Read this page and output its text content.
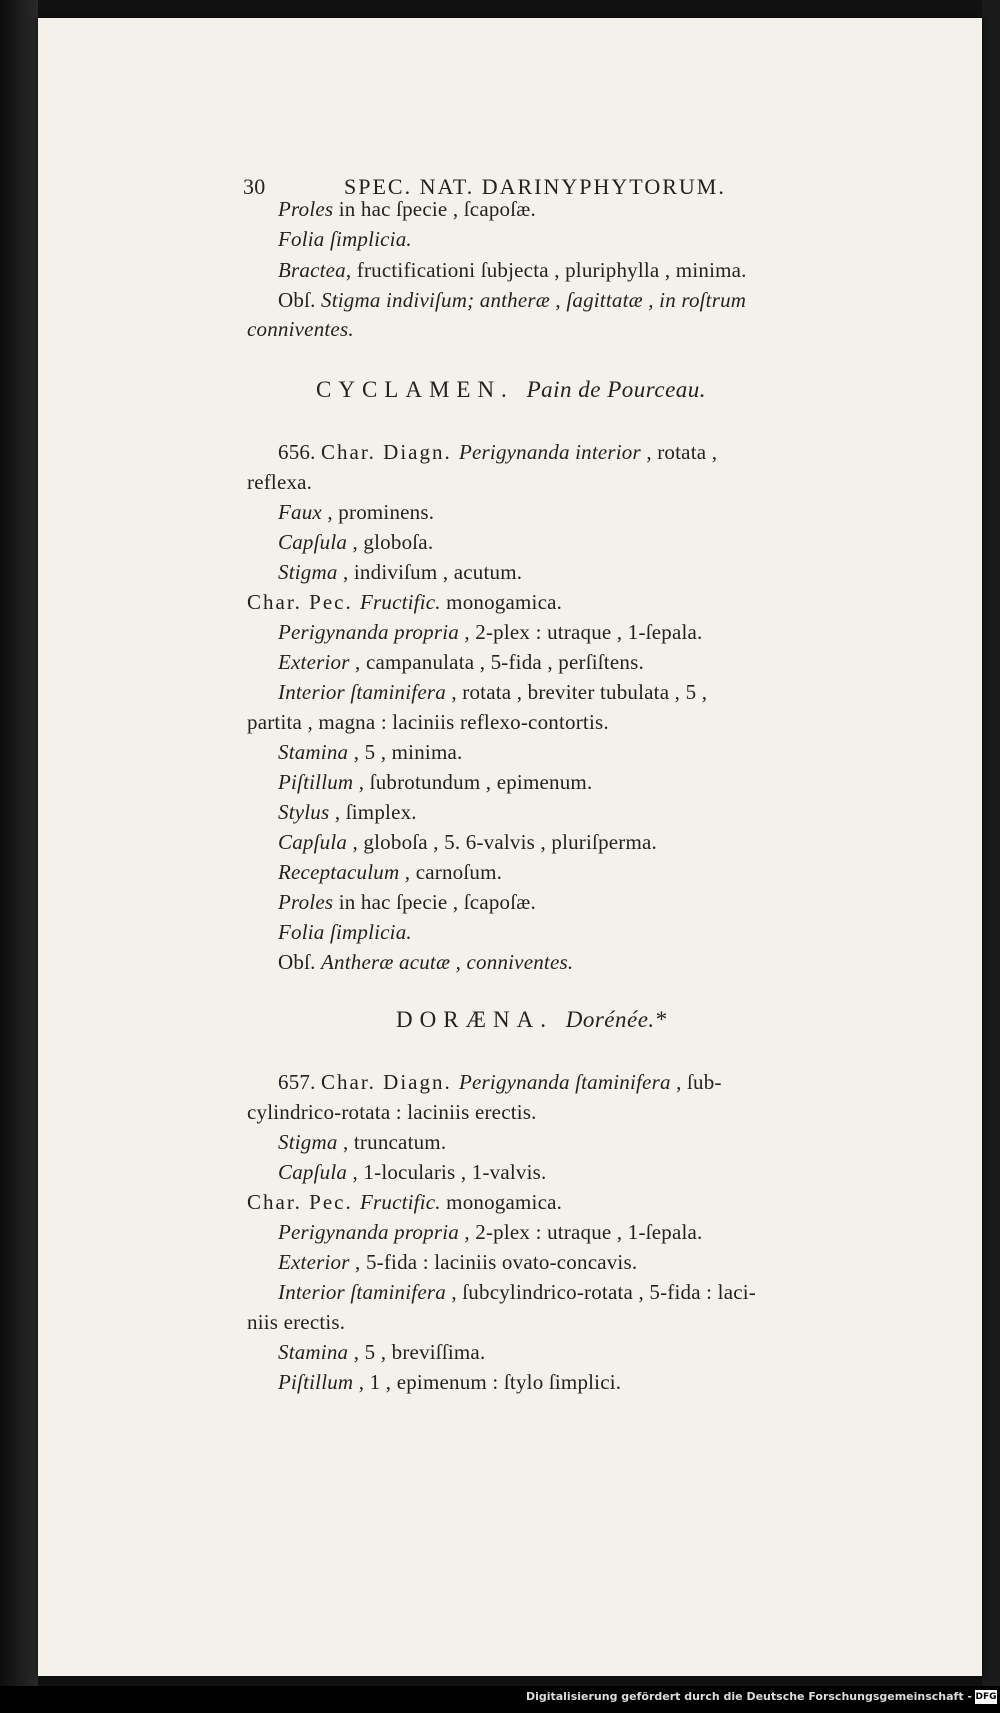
30	SPEC. NAT. DARINYPHYTORUM.
Proles in hac ſpecie , ſcapoſæ.
Folia ſimplicia.
Bractea, fructificationi ſubjecta , pluriphylla , minima.
Obſ. Stigma indiviſum; antheræ , ſagittatæ , in roſtrum
conniventes.
CYCLAMEN. Pain de Pourceau.
656. Char. Diagn. Perigynanda interior , rotata ,
reflexa.
Faux , prominens.
Capſula , globoſa.
Stigma , indiviſum , acutum.
Char. Pec. Fructific. monogamica.
Perigynanda propria , 2-plex : utraque , 1-ſepala.
Exterior , campanulata , 5-fida , perſiſtens.
Interior ſtaminifera , rotata , breviter tubulata , 5 ,
partita , magna : laciniis reflexo-contortis.
Stamina , 5 , minima.
Piſtillum , ſubrotundum , epimenum.
Stylus , ſimplex.
Capſula , globoſa , 5. 6-valvis , pluriſperma.
Receptaculum , carnoſum.
Proles in hac ſpecie , ſcapoſæ.
Folia ſimplicia.
Obſ. Antheræ acutæ , conniventes.
DORÆNA. Dorénée.*
657. Char. Diagn. Perigynanda ſtaminifera , ſub-
cylindrico-rotata : laciniis erectis.
Stigma , truncatum.
Capſula , 1-locularis , 1-valvis.
Char. Pec. Fructific. monogamica.
Perigynanda propria , 2-plex : utraque , 1-ſepala.
Exterior , 5-fida : laciniis ovato-concavis.
Interior ſtaminifera , ſubcylindrico-rotata , 5-fida : laci-
niis erectis.
Stamina , 5 , breviſſima.
Piſtillum , 1 , epimenum : ſtylo ſimplici.
Digitalisierung gefördert durch die Deutsche Forschungsgemeinschaft - DFG
